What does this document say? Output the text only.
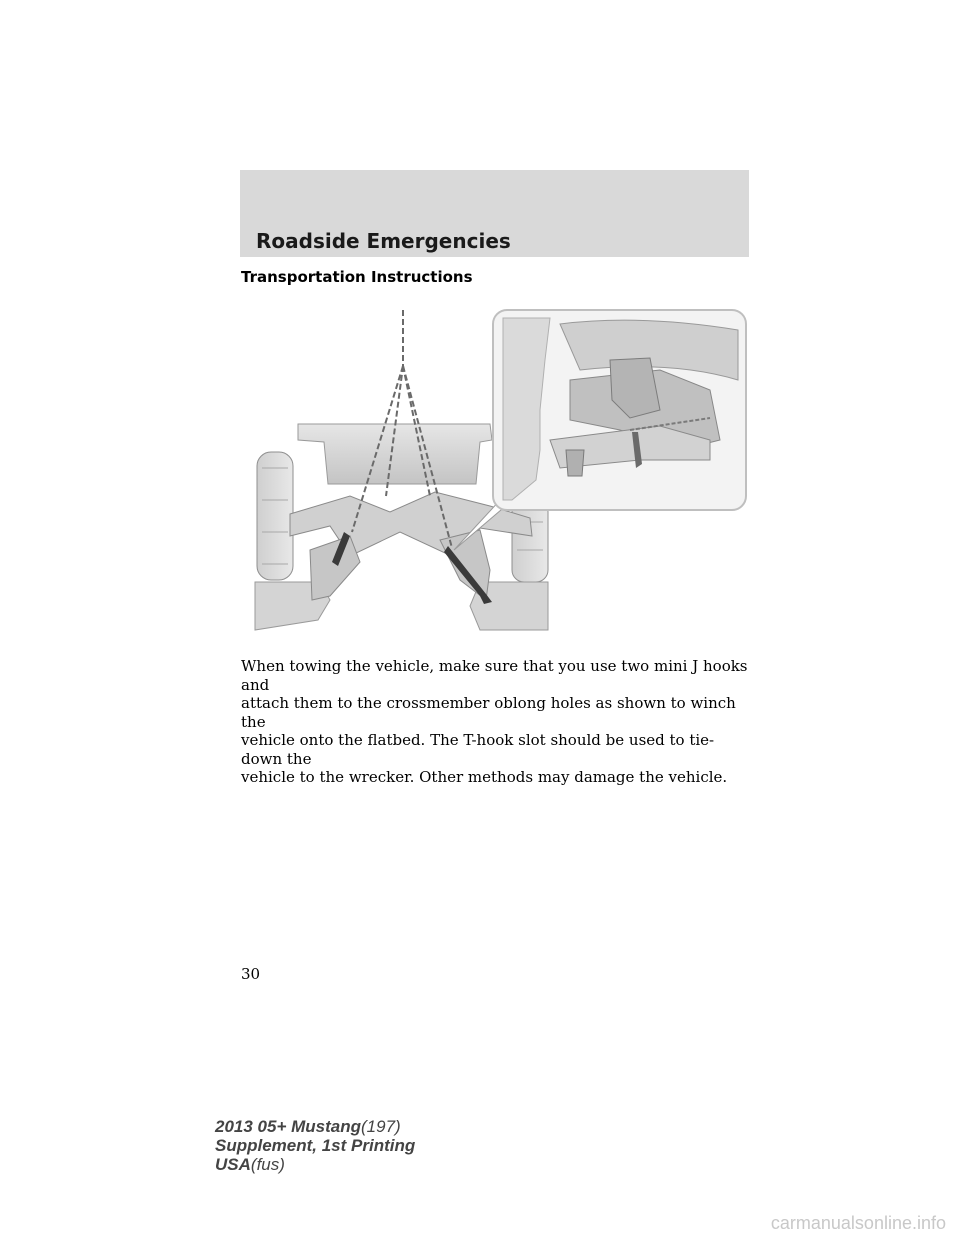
Roadside Emergencies
Transportation Instructions
When towing the vehicle, make sure that you use two mini J hooks and
attach them to the crossmember oblong holes as shown to winch the
vehicle onto the flatbed. The T-hook slot should be used to tie-down the
vehicle to the wrecker. Other methods may damage the vehicle.
30
2013 05+ Mustang(197)
Supplement, 1st Printing
USA(fus)
carmanualsonline.info
